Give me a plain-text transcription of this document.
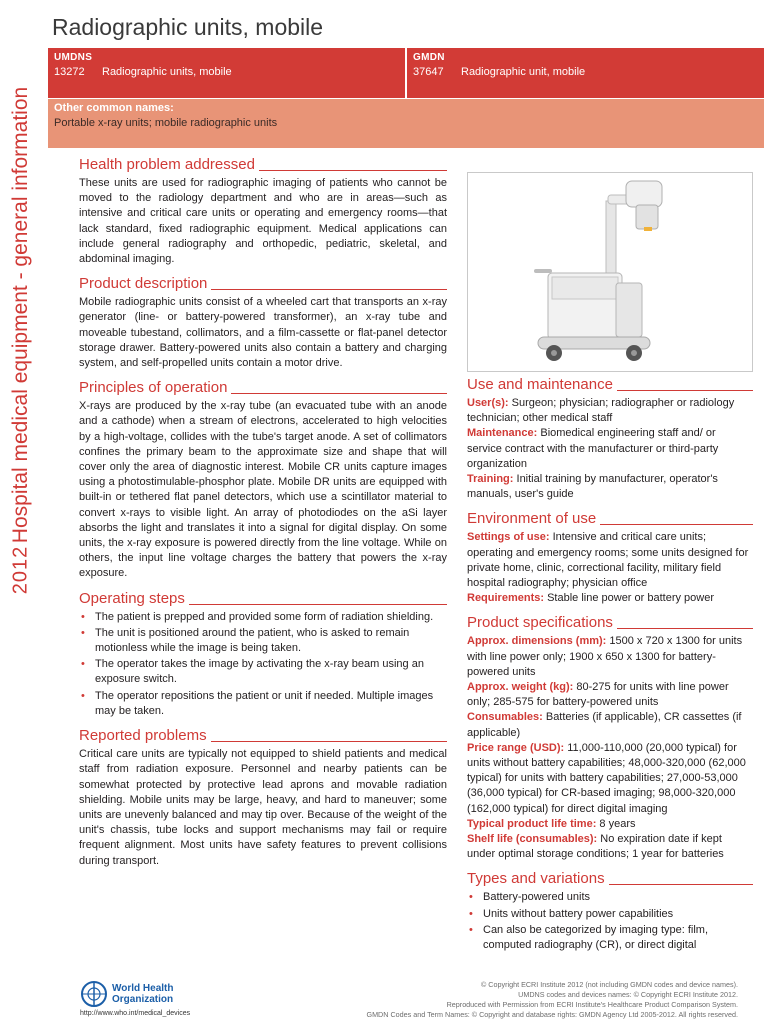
Hospital medical equipment - general information
2012
Radiographic units, mobile
UMDNS
13272	Radiographic units, mobile
GMDN
37647	Radiographic unit, mobile
Other common names:
Portable x-ray units; mobile radiographic units
Health problem addressed

These units are used for radiographic imaging of patients who cannot be moved to the radiology department and who are in areas—such as intensive and critical care units or operating and emergency rooms—that lack standard, fixed radiographic equipment. Medical applications can include general radiography and orthopedic, pediatric, skeletal, and abdominal imaging.

Product description

Mobile radiographic units consist of a wheeled cart that transports an x-ray generator (line- or battery-powered transformer), an x-ray tube and moveable tubestand, collimators, and a film-cassette or flat-panel detector storage drawer. Battery-powered units also contain a battery and charging system, and self-propelled units contain a motor drive.

Principles of operation

X-rays are produced by the x-ray tube (an evacuated tube with an anode and a cathode) when a stream of electrons, accelerated to high velocities by a high-voltage, collides with the tube's target anode. A set of collimators confines the primary beam to the approximate size and shape that will cover only the area of diagnostic interest. Mobile CR units capture images using a photostimulable-phosphor plate. Mobile DR units are equipped with built-in or tethered flat panel detectors, which use a scintillator material to convert x-rays to visible light. An array of photodiodes on the aSi layer absorbs the light and translates it into a signal for digital display. On some units, the x-ray exposure is powered directly from the line voltage. While on others, the input line voltage charges the battery that powers the x-ray exposure.

Operating steps
• The patient is prepped and provided some form of radiation shielding.
• The unit is positioned around the patient, who is asked to remain motionless while the image is being taken.
• The operator takes the image by activating the x-ray beam using an exposure switch.
• The operator repositions the patient or unit if needed. Multiple images may be taken.
Reported problems

Critical care units are typically not equipped to shield patients and medical staff from radiation exposure. Personnel and nearby patients can be somewhat protected by protective lead aprons and movable radiation shielding. Mobile units may be large, heavy, and hard to maneuver; some units are unevenly balanced and may tip over. Because of the weight of the unit's chassis, tube locks and support mechanisms may fail or require frequent alignment. Most units have safety features to prevent collisions during transport.

Use and maintenance
User(s): Surgeon; physician; radiographer or radiology technician; other medical staff
Maintenance: Biomedical engineering staff and/ or service contract with the manufacturer or third-party organization
Training: Initial training by manufacturer, operator's manuals, user's guide
Environment of use
Settings of use: Intensive and critical care units; operating and emergency rooms; some units designed for private home, clinic, correctional facility, military field hospital radiography; physician office
Requirements: Stable line power or battery power
Product specifications
Approx. dimensions (mm): 1500 x 720 x 1300 for units with line power only; 1900 x 650 x 1300 for battery-powered units
Approx. weight (kg): 80-275 for units with line power only; 285-575 for battery-powered units
Consumables: Batteries (if applicable), CR cassettes (if applicable)
Price range (USD): 11,000-110,000 (20,000 typical) for units without battery capabilities; 48,000-320,000 (62,000 typical) for units with battery capabilities; 27,000-53,000 (36,000 typical) for CR-based imaging; 98,000-320,000 (162,000 typical) for direct digital imaging
Typical product life time: 8 years
Shelf life (consumables): No expiration date if kept under optimal storage conditions; 1 year for batteries
Types and variations
• Battery-powered units
• Units without battery power capabilities
• Can also be categorized by imaging type: film, computed radiography (CR), or direct digital
World Health
Organization
http://www.who.int/medical_devices
© Copyright ECRI Institute 2012 (not including GMDN codes and device names).
UMDNS codes and devices names: © Copyright ECRI Institute 2012.
Reproduced with Permission from ECRI Institute's Healthcare Product Comparison System.
GMDN Codes and Term Names: © Copyright and database rights: GMDN Agency Ltd 2005-2012. All rights reserved.
